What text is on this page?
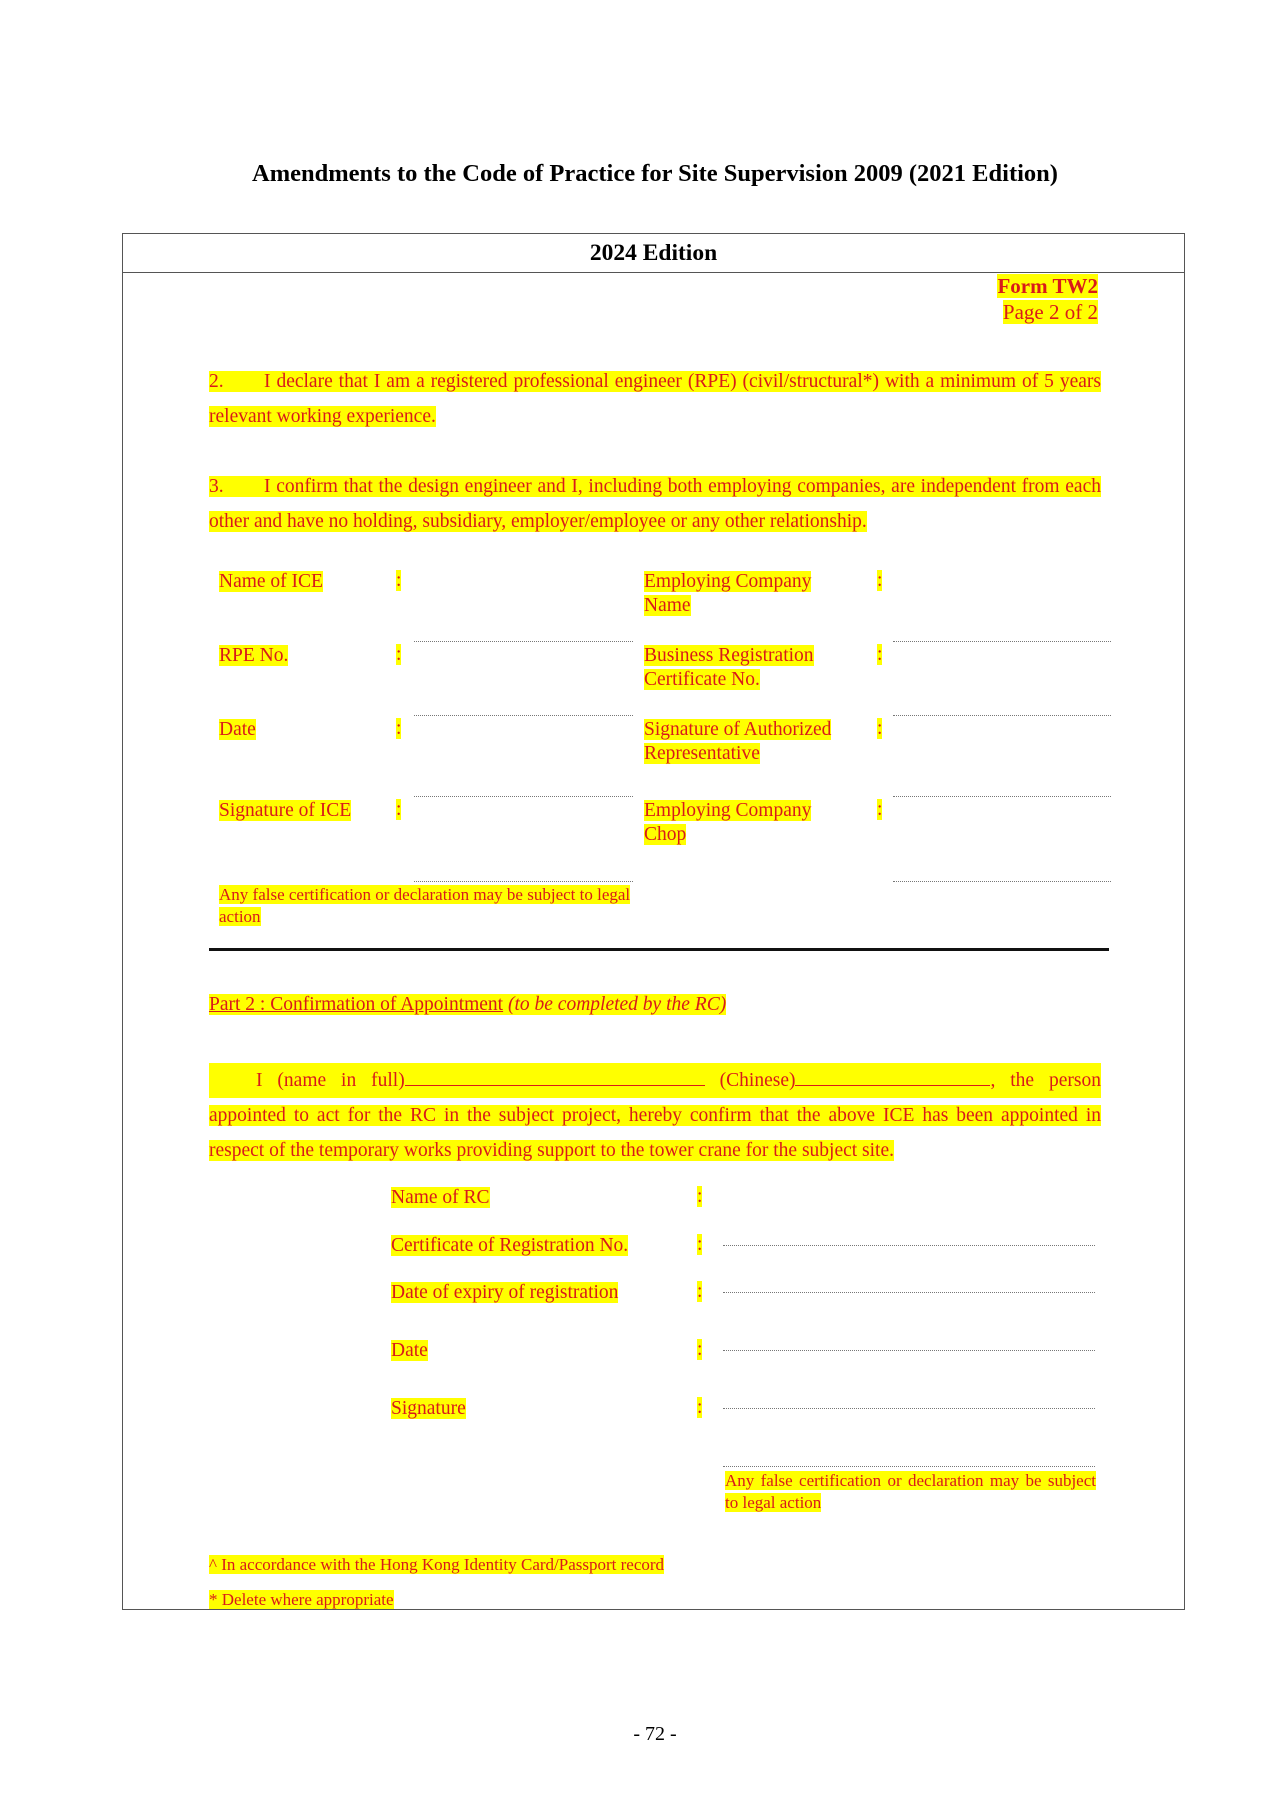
Amendments to the Code of Practice for Site Supervision 2009 (2021 Edition)
2024 Edition
Form TW2
Page 2 of 2
2. I declare that I am a registered professional engineer (RPE) (civil/structural*) with a minimum of 5 years relevant working experience.
3. I confirm that the design engineer and I, including both employing companies, are independent from each other and have no holding, subsidiary, employer/employee or any other relationship.
Name of ICE
RPE No.
Date
Signature of ICE
:
:
:
:
Any false certification or declaration may be subject to legal action
Employing Company Name
Business Registration Certificate No.
Signature of Authorized Representative
Employing Company Chop
:
:
:
:
Part 2 : Confirmation of Appointment (to be completed by the RC)
I (name in full)	(Chinese)	, the person appointed to act for the RC in the subject project, hereby confirm that the above ICE has been appointed in respect of the temporary works providing support to the tower crane for the subject site.
Name of RC
Certificate of Registration No.
Date of expiry of registration
Date
Signature
:
:
:
:
:
Any false certification or declaration may be subject to legal action
^ In accordance with the Hong Kong Identity Card/Passport record
* Delete where appropriate
- 72 -
